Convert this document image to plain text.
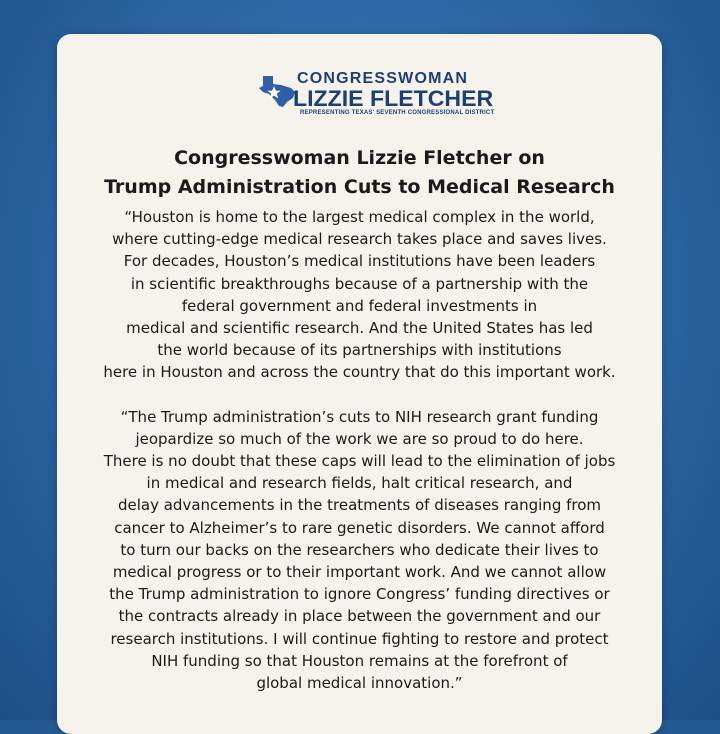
CONGRESSWOMAN
LIZZIE FLETCHER
REPRESENTING TEXAS' SEVENTH CONGRESSIONAL DISTRICT
Congresswoman Lizzie Fletcher on
Trump Administration Cuts to Medical Research
“Houston is home to the largest medical complex in the world,
where cutting-edge medical research takes place and saves lives.
For decades, Houston’s medical institutions have been leaders
in scientific breakthroughs because of a partnership with the
federal government and federal investments in
medical and scientific research. And the United States has led
the world because of its partnerships with institutions
here in Houston and across the country that do this important work.
“The Trump administration’s cuts to NIH research grant funding
jeopardize so much of the work we are so proud to do here.
There is no doubt that these caps will lead to the elimination of jobs
in medical and research fields, halt critical research, and
delay advancements in the treatments of diseases ranging from
cancer to Alzheimer’s to rare genetic disorders. We cannot afford
to turn our backs on the researchers who dedicate their lives to
medical progress or to their important work. And we cannot allow
the Trump administration to ignore Congress’ funding directives or
the contracts already in place between the government and our
research institutions. I will continue fighting to restore and protect
NIH funding so that Houston remains at the forefront of
global medical innovation.”
